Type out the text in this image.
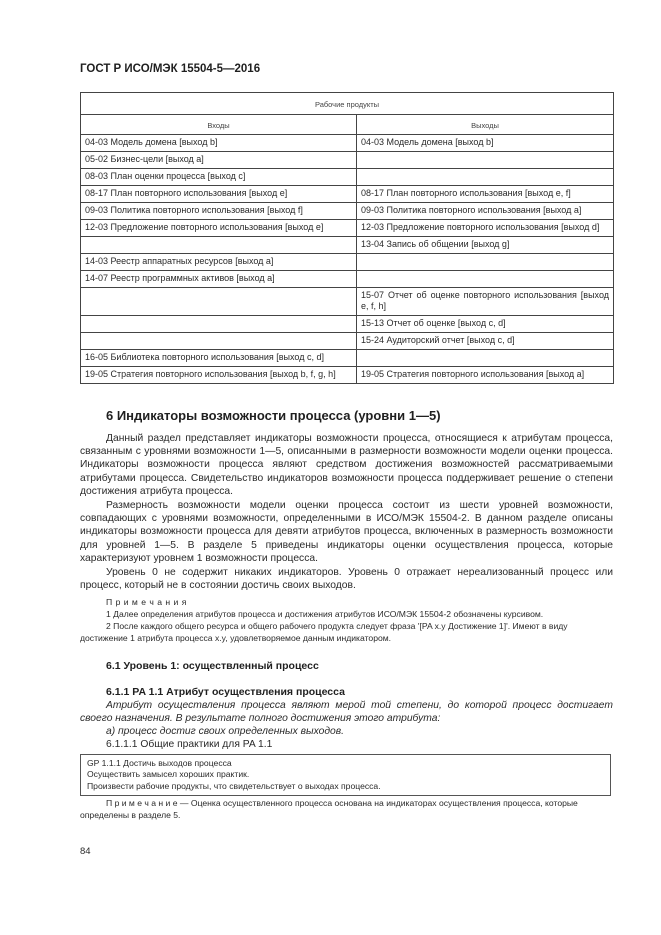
ГОСТ Р ИСО/МЭК 15504-5—2016
Рабочие продукты	
Входы	Выходы
04-03 Модель домена [выход b]	04-03 Модель домена [выход b]
05-02 Бизнес-цели [выход a]	
08-03 План оценки процесса [выход c]	
08-17 План повторного использования [выход e]	08-17 План повторного использования [выход e, f]
09-03 Политика повторного использования [выход f]	09-03 Политика повторного использования [выход a]
12-03 Предложение повторного использования [выход e]	12-03 Предложение повторного использования [выход d]
	13-04 Запись об общении [выход g]
14-03 Реестр аппаратных ресурсов [выход a]	
14-07 Реестр программных активов [выход a]	
	15-07 Отчет об оценке повторного использования [выход e, f, h]
	15-13 Отчет об оценке [выход c, d]
	15-24 Аудиторский отчет [выход c, d]
16-05 Библиотека повторного использования [выход c, d]	
19-05 Стратегия повторного использования [выход b, f, g, h]	19-05 Стратегия повторного использования [выход a]
6 Индикаторы возможности процесса (уровни 1—5)
Данный раздел представляет индикаторы возможности процесса, относящиеся к атрибутам процесса, связанным с уровнями возможности 1—5, описанными в размерности возможности модели оценки процесса. Индикаторы возможности процесса являют средством достижения возможностей рассматриваемыми атрибутами процесса. Свидетельство индикаторов возможности процесса поддерживает решение о степени достижения атрибута процесса.
Размерность возможности модели оценки процесса состоит из шести уровней возможности, совпадающих с уровнями возможности, определенными в ИСО/МЭК 15504-2. В данном разделе описаны индикаторы возможности процесса для девяти атрибутов процесса, включенных в размерность возможности для уровней 1—5. В разделе 5 приведены индикаторы оценки осуществления процесса, которые характеризуют уровнем 1 возможности процесса.
Уровень 0 не содержит никаких индикаторов. Уровень 0 отражает нереализованный процесс или процесс, который не в состоянии достичь своих выходов.
П р и м е ч а н и я
1 Далее определения атрибутов процесса и достижения атрибутов ИСО/МЭК 15504-2 обозначены курсивом.
2 После каждого общего ресурса и общего рабочего продукта следует фраза '[PA x.y Достижение 1]'. Имеют в виду достижение 1 атрибута процесса x.y, удовлетворяемое данным индикатором.
6.1 Уровень 1: осуществленный процесс
6.1.1 PA 1.1 Атрибут осуществления процесса
Атрибут осуществления процесса являют мерой той степени, до которой процесс достигает своего назначения. В результате полного достижения этого атрибута:
a) процесс достиг своих определенных выходов.
6.1.1.1 Общие практики для PA 1.1
GP 1.1.1 Достичь выходов процесса
Осуществить замысел хороших практик.
Произвести рабочие продукты, что свидетельствует о выходах процесса.
П р и м е ч а н и е — Оценка осуществленного процесса основана на индикаторах осуществления процесса, которые определены в разделе 5.
84
